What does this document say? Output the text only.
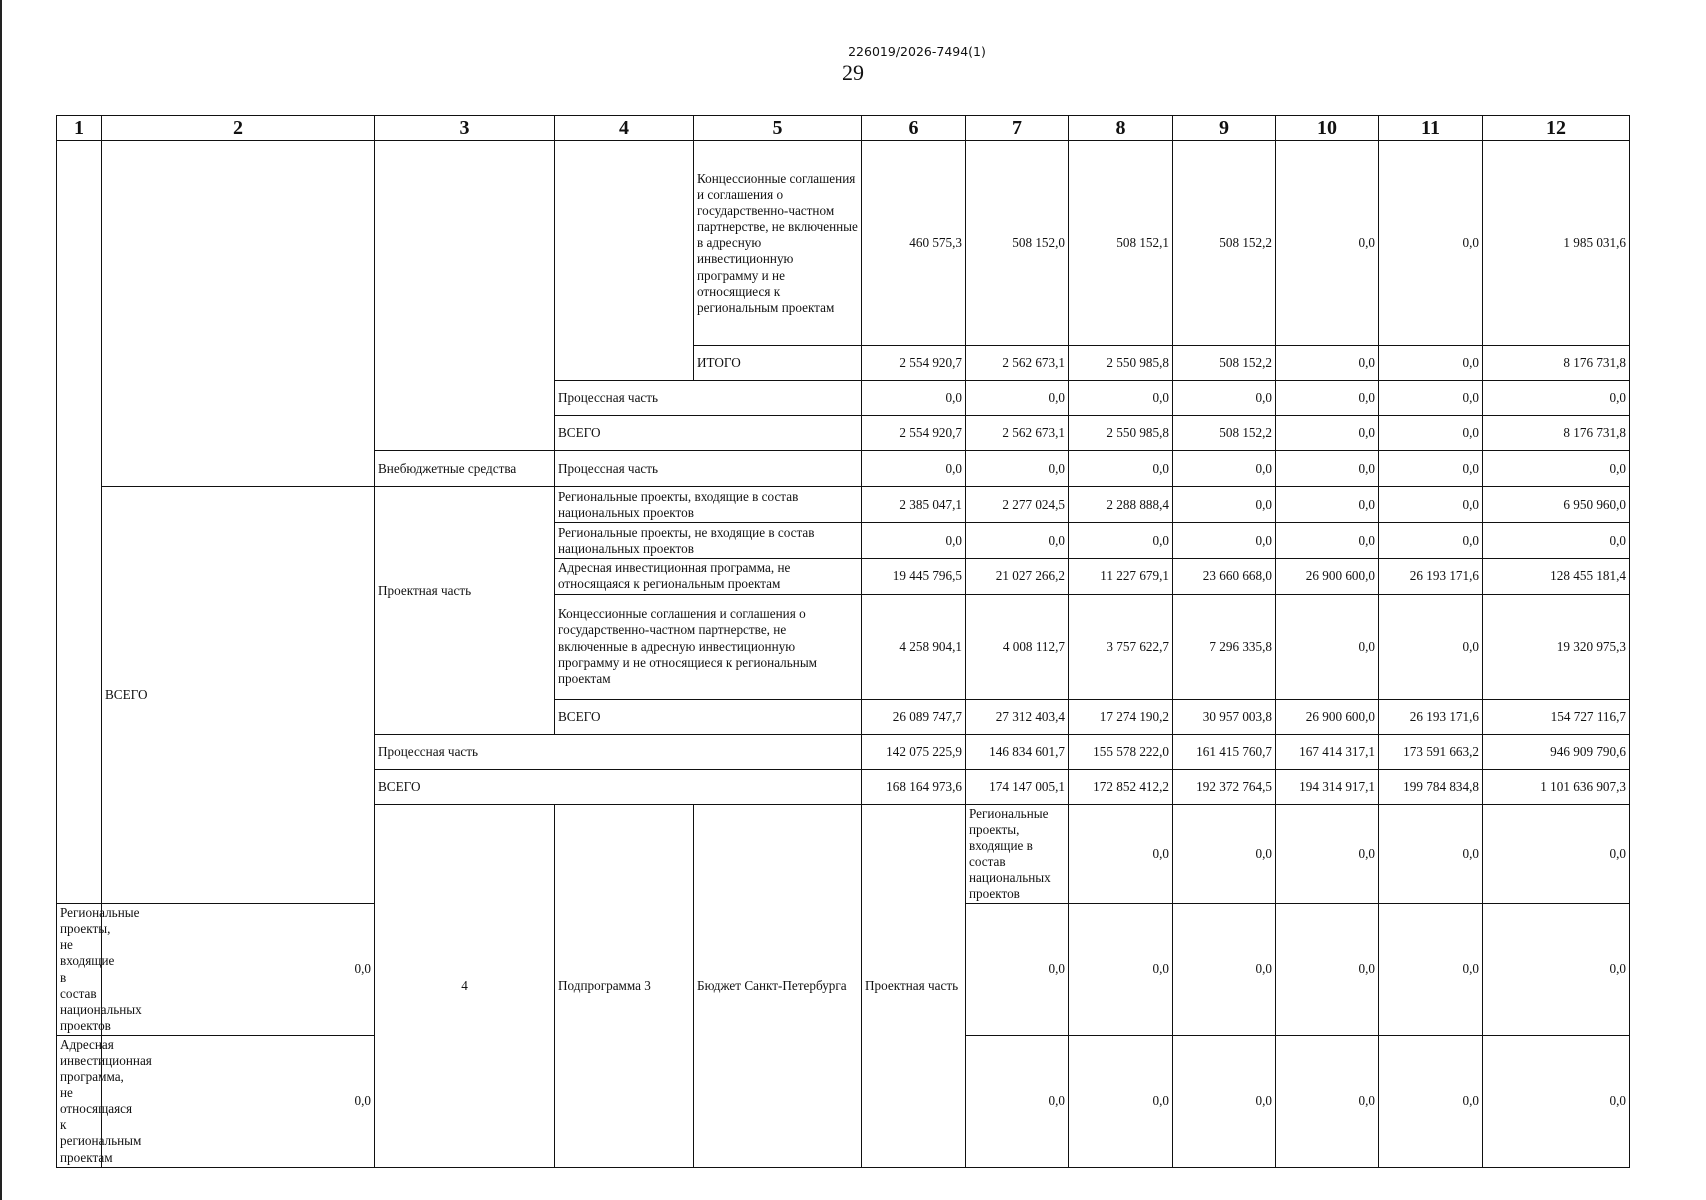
226019/2026-7494(1)
29
1	2	3	4	5	6	7	8	9	10	11	12	
				Концессионные соглашения и соглашения о государственно-частном партнерстве, не включенные в адресную инвестиционную программу и не относящиеся к региональным проектам	460 575,3	508 152,0	508 152,1	508 152,2	0,0	0,0	1 985 031,6	
				ИТОГО	2 554 920,7	2 562 673,1	2 550 985,8	508 152,2	0,0	0,0	8 176 731,8	
			Процессная часть		0,0	0,0	0,0	0,0	0,0	0,0	0,0	
			ВСЕГО		2 554 920,7	2 562 673,1	2 550 985,8	508 152,2	0,0	0,0	8 176 731,8	
		Внебюджетные средства	Процессная часть		0,0	0,0	0,0	0,0	0,0	0,0	0,0	
	ВСЕГО	Проектная часть	Региональные проекты, входящие в состав национальных проектов		2 385 047,1	2 277 024,5	2 288 888,4	0,0	0,0	0,0	6 950 960,0	
			Региональные проекты, не входящие в состав национальных проектов		0,0	0,0	0,0	0,0	0,0	0,0	0,0	
			Адресная инвестиционная программа, не относящаяся к региональным проектам		19 445 796,5	21 027 266,2	11 227 679,1	23 660 668,0	26 900 600,0	26 193 171,6	128 455 181,4	
			Концессионные соглашения и соглашения о государственно-частном партнерстве, не включенные в адресную инвестиционную программу и не относящиеся к региональным проектам		4 258 904,1	4 008 112,7	3 757 622,7	7 296 335,8	0,0	0,0	19 320 975,3	
			ВСЕГО		26 089 747,7	27 312 403,4	17 274 190,2	30 957 003,8	26 900 600,0	26 193 171,6	154 727 116,7	
		Процессная часть			142 075 225,9	146 834 601,7	155 578 222,0	161 415 760,7	167 414 317,1	173 591 663,2	946 909 790,6	
		ВСЕГО			168 164 973,6	174 147 005,1	172 852 412,2	192 372 764,5	194 314 917,1	199 784 834,8	1 101 636 907,3	
		4	Подпрограмма 3	Бюджет Санкт-Петербурга	Проектная часть	Региональные проекты, входящие в состав национальных проектов	0,0	0,0	0,0	0,0	0,0		
Региональные проекты, не входящие в состав национальных проектов	0,0					0,0	0,0	0,0	0,0	0,0	0,0	
Адресная инвестиционная программа, не относящаяся к региональным проектам	0,0					0,0	0,0	0,0	0,0	0,0	0,0	
